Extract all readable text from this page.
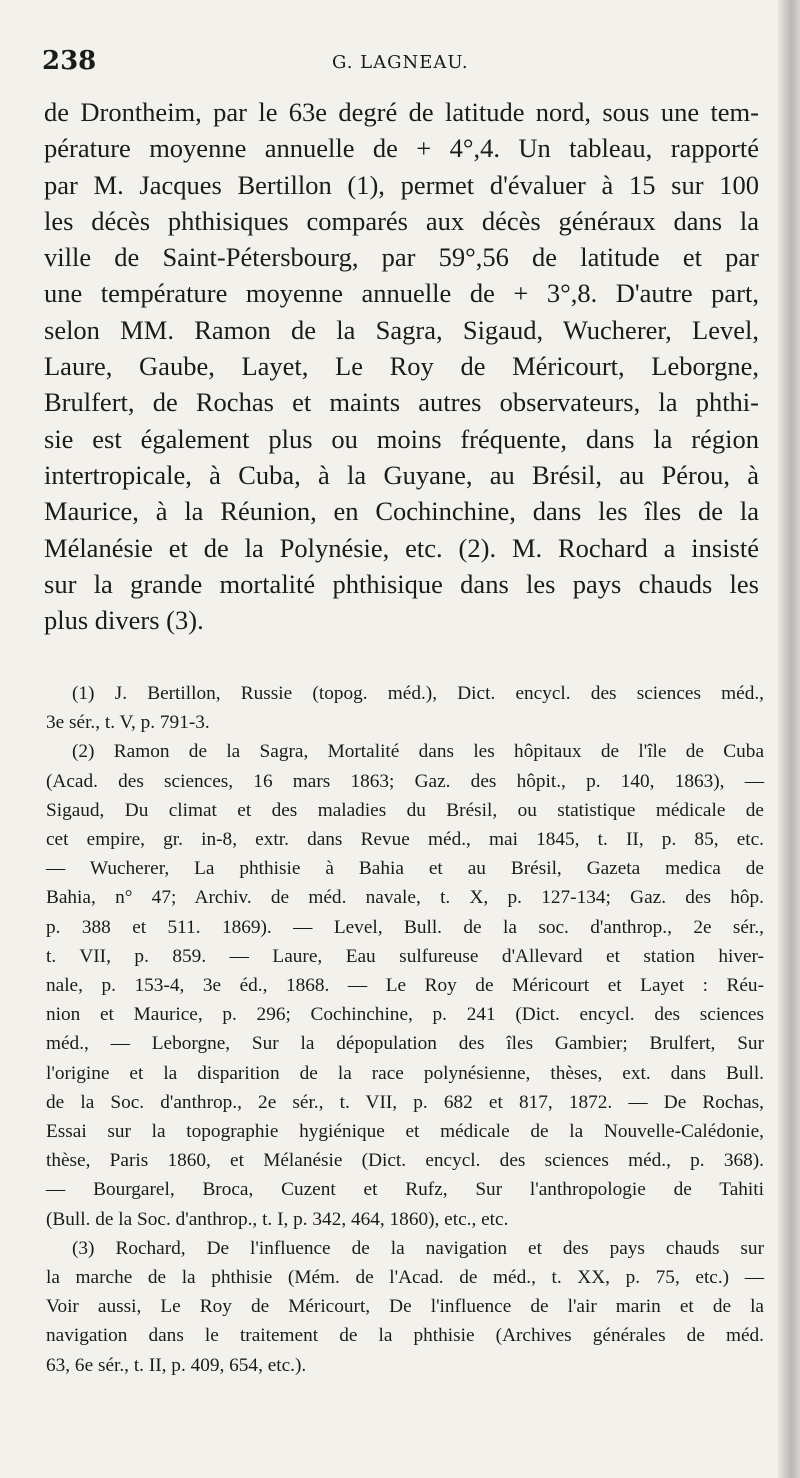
238	G. LAGNEAU.
de Drontheim, par le 63e degré de latitude nord, sous une tem-
pérature moyenne annuelle de + 4°,4. Un tableau, rapporté
par M. Jacques Bertillon (1), permet d'évaluer à 15 sur 100
les décès phthisiques comparés aux décès généraux dans la
ville de Saint-Pétersbourg, par 59°,56 de latitude et par
une température moyenne annuelle de + 3°,8. D'autre part,
selon MM. Ramon de la Sagra, Sigaud, Wucherer, Level,
Laure, Gaube, Layet, Le Roy de Méricourt, Leborgne,
Brulfert, de Rochas et maints autres observateurs, la phthi-
sie est également plus ou moins fréquente, dans la région
intertropicale, à Cuba, à la Guyane, au Brésil, au Pérou, à
Maurice, à la Réunion, en Cochinchine, dans les îles de la
Mélanésie et de la Polynésie, etc. (2). M. Rochard a insisté
sur la grande mortalité phthisique dans les pays chauds les
plus divers (3).
(1) J. Bertillon, Russie (topog. méd.), Dict. encycl. des sciences méd.,
3e sér., t. V, p. 791-3.
(2) Ramon de la Sagra, Mortalité dans les hôpitaux de l'île de Cuba
(Acad. des sciences, 16 mars 1863; Gaz. des hôpit., p. 140, 1863), —
Sigaud, Du climat et des maladies du Brésil, ou statistique médicale de
cet empire, gr. in-8, extr. dans Revue méd., mai 1845, t. II, p. 85, etc.
— Wucherer, La phthisie à Bahia et au Brésil, Gazeta medica de
Bahia, n° 47; Archiv. de méd. navale, t. X, p. 127-134; Gaz. des hôp.
p. 388 et 511. 1869). — Level, Bull. de la soc. d'anthrop., 2e sér.,
t. VII, p. 859. — Laure, Eau sulfureuse d'Allevard et station hiver-
nale, p. 153-4, 3e éd., 1868. — Le Roy de Méricourt et Layet : Réu-
nion et Maurice, p. 296; Cochinchine, p. 241 (Dict. encycl. des sciences
méd., — Leborgne, Sur la dépopulation des îles Gambier; Brulfert, Sur
l'origine et la disparition de la race polynésienne, thèses, ext. dans Bull.
de la Soc. d'anthrop., 2e sér., t. VII, p. 682 et 817, 1872. — De Rochas,
Essai sur la topographie hygiénique et médicale de la Nouvelle-Calédonie,
thèse, Paris 1860, et Mélanésie (Dict. encycl. des sciences méd., p. 368).
— Bourgarel, Broca, Cuzent et Rufz, Sur l'anthropologie de Tahiti
(Bull. de la Soc. d'anthrop., t. I, p. 342, 464, 1860), etc., etc.
(3) Rochard, De l'influence de la navigation et des pays chauds sur
la marche de la phthisie (Mém. de l'Acad. de méd., t. XX, p. 75, etc.) —
Voir aussi, Le Roy de Méricourt, De l'influence de l'air marin et de la
navigation dans le traitement de la phthisie (Archives générales de méd.
63, 6e sér., t. II, p. 409, 654, etc.).
